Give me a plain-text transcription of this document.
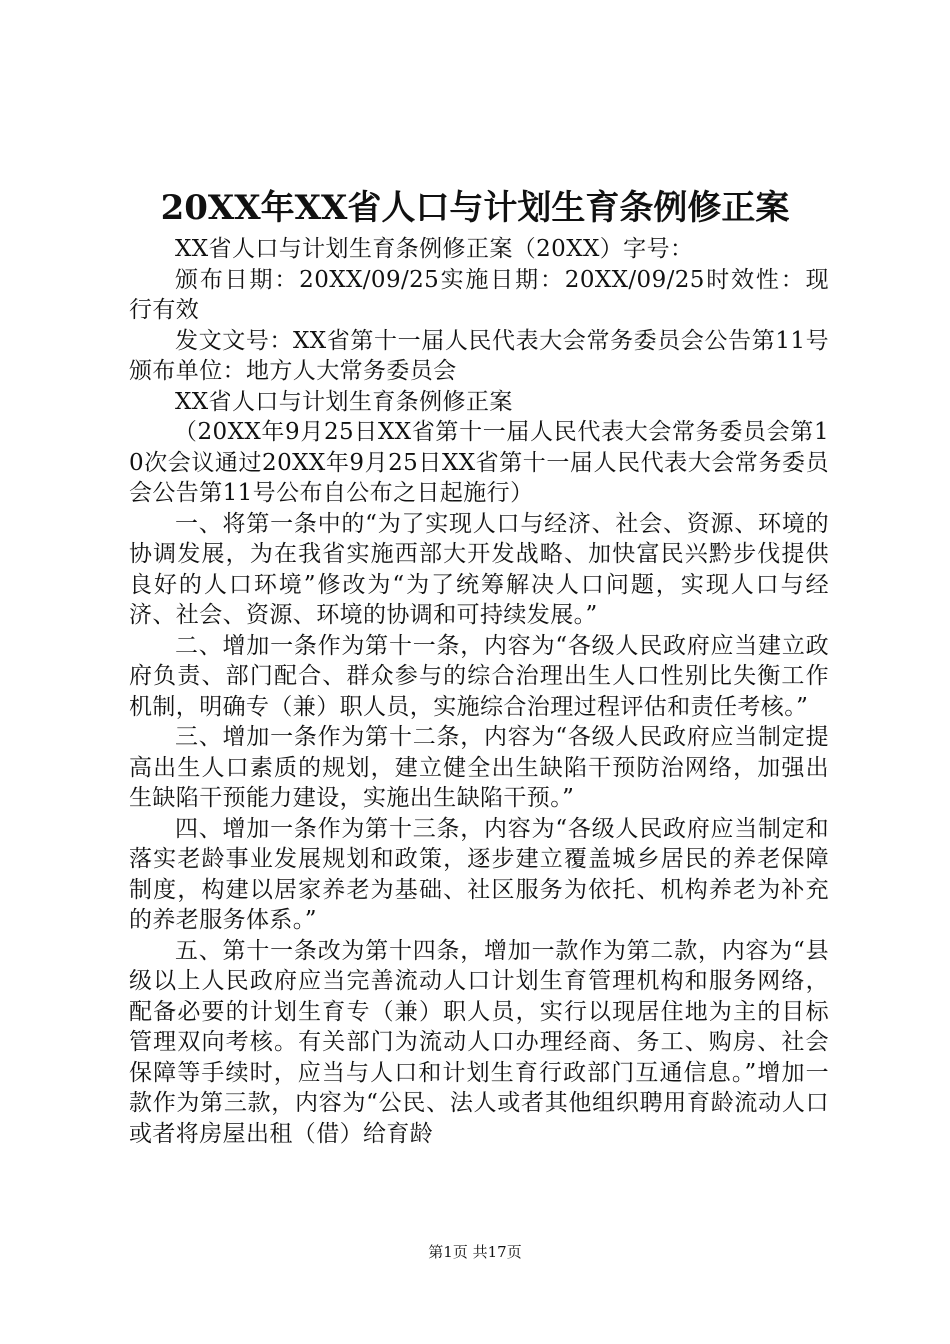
20XX年XX省人口与计划生育条例修正案

XX省人口与计划生育条例修正案（20XX）字号：

颁布日期：20XX/09/25实施日期：20XX/09/25时效性：现行有效

发文文号：XX省第十一届人民代表大会常务委员会公告第11号颁布单位：地方人大常务委员会

XX省人口与计划生育条例修正案

（20XX年9月25日XX省第十一届人民代表大会常务委员会第10次会议通过20XX年9月25日XX省第十一届人民代表大会常务委员会公告第11号公布自公布之日起施行）

一、将第一条中的“为了实现人口与经济、社会、资源、环境的协调发展，为在我省实施西部大开发战略、加快富民兴黔步伐提供良好的人口环境”修改为“为了统筹解决人口问题，实现人口与经济、社会、资源、环境的协调和可持续发展。”

二、增加一条作为第十一条，内容为“各级人民政府应当建立政府负责、部门配合、群众参与的综合治理出生人口性别比失衡工作机制，明确专（兼）职人员，实施综合治理过程评估和责任考核。”

三、增加一条作为第十二条，内容为“各级人民政府应当制定提高出生人口素质的规划，建立健全出生缺陷干预防治网络，加强出生缺陷干预能力建设，实施出生缺陷干预。”

四、增加一条作为第十三条，内容为“各级人民政府应当制定和落实老龄事业发展规划和政策，逐步建立覆盖城乡居民的养老保障制度，构建以居家养老为基础、社区服务为依托、机构养老为补充的养老服务体系。”

五、第十一条改为第十四条，增加一款作为第二款，内容为“县级以上人民政府应当完善流动人口计划生育管理机构和服务网络，配备必要的计划生育专（兼）职人员，实行以现居住地为主的目标管理双向考核。有关部门为流动人口办理经商、务工、购房、社会保障等手续时，应当与人口和计划生育行政部门互通信息。”增加一款作为第三款，内容为“公民、法人或者其他组织聘用育龄流动人口或者将房屋出租（借）给育龄

第1页 共17页
